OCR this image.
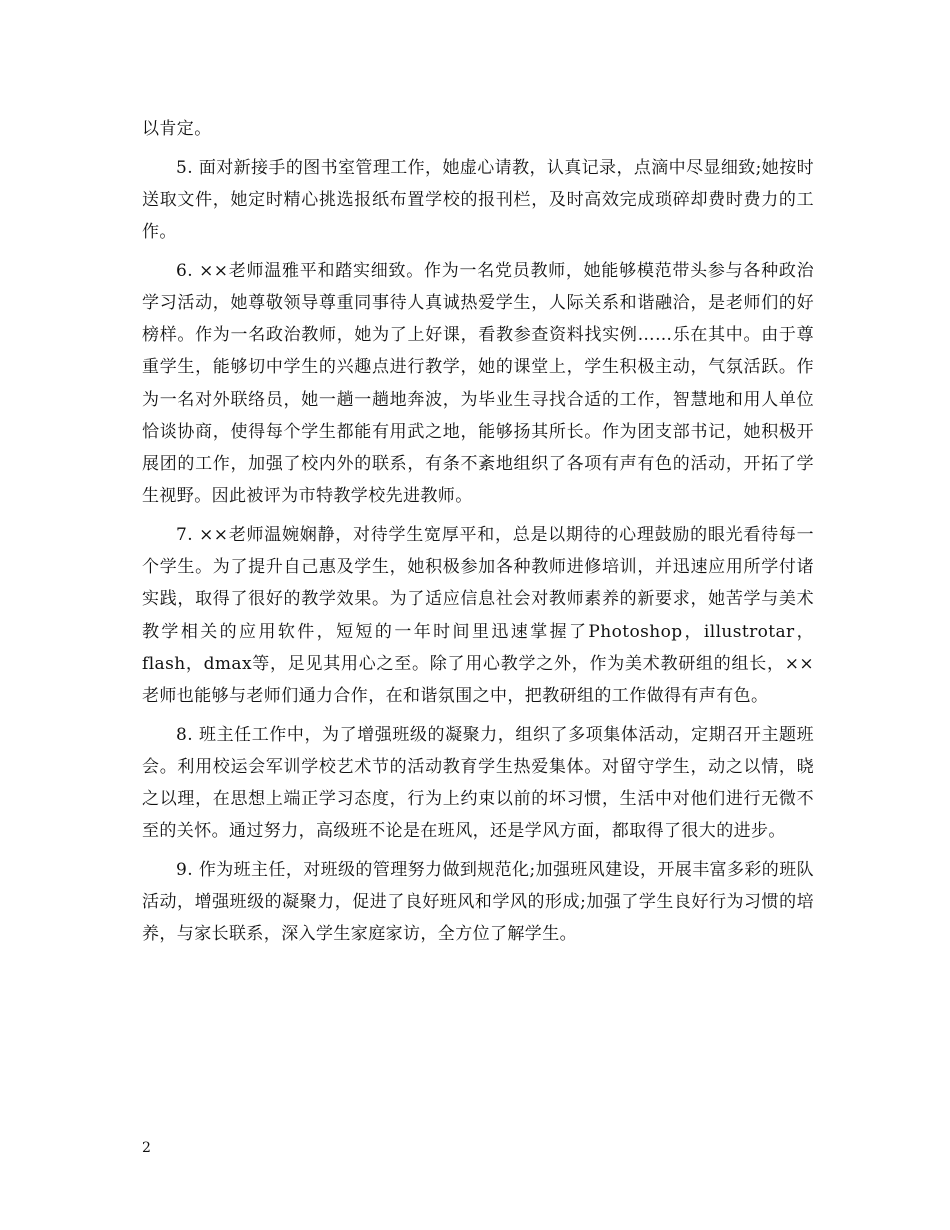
以肯定。

5. 面对新接手的图书室管理工作，她虚心请教，认真记录，点滴中尽显细致;她按时送取文件，她定时精心挑选报纸布置学校的报刊栏，及时高效完成琐碎却费时费力的工作。

6. ××老师温雅平和踏实细致。作为一名党员教师，她能够模范带头参与各种政治学习活动，她尊敬领导尊重同事待人真诚热爱学生，人际关系和谐融洽，是老师们的好榜样。作为一名政治教师，她为了上好课，看教参查资料找实例……乐在其中。由于尊重学生，能够切中学生的兴趣点进行教学，她的课堂上，学生积极主动，气氛活跃。作为一名对外联络员，她一趟一趟地奔波，为毕业生寻找合适的工作，智慧地和用人单位恰谈协商，使得每个学生都能有用武之地，能够扬其所长。作为团支部书记，她积极开展团的工作，加强了校内外的联系，有条不紊地组织了各项有声有色的活动，开拓了学生视野。因此被评为市特教学校先进教师。

7. ××老师温婉娴静，对待学生宽厚平和，总是以期待的心理鼓励的眼光看待每一个学生。为了提升自己惠及学生，她积极参加各种教师进修培训，并迅速应用所学付诸实践，取得了很好的教学效果。为了适应信息社会对教师素养的新要求，她苦学与美术教学相关的应用软件，短短的一年时间里迅速掌握了Photoshop，illustrotar，flash，dmax等，足见其用心之至。除了用心教学之外，作为美术教研组的组长，××老师也能够与老师们通力合作，在和谐氛围之中，把教研组的工作做得有声有色。

8. 班主任工作中，为了增强班级的凝聚力，组织了多项集体活动，定期召开主题班会。利用校运会军训学校艺术节的活动教育学生热爱集体。对留守学生，动之以情，晓之以理，在思想上端正学习态度，行为上约束以前的坏习惯，生活中对他们进行无微不至的关怀。通过努力，高级班不论是在班风，还是学风方面，都取得了很大的进步。

9. 作为班主任，对班级的管理努力做到规范化;加强班风建设，开展丰富多彩的班队活动，增强班级的凝聚力，促进了良好班风和学风的形成;加强了学生良好行为习惯的培养，与家长联系，深入学生家庭家访，全方位了解学生。

2
